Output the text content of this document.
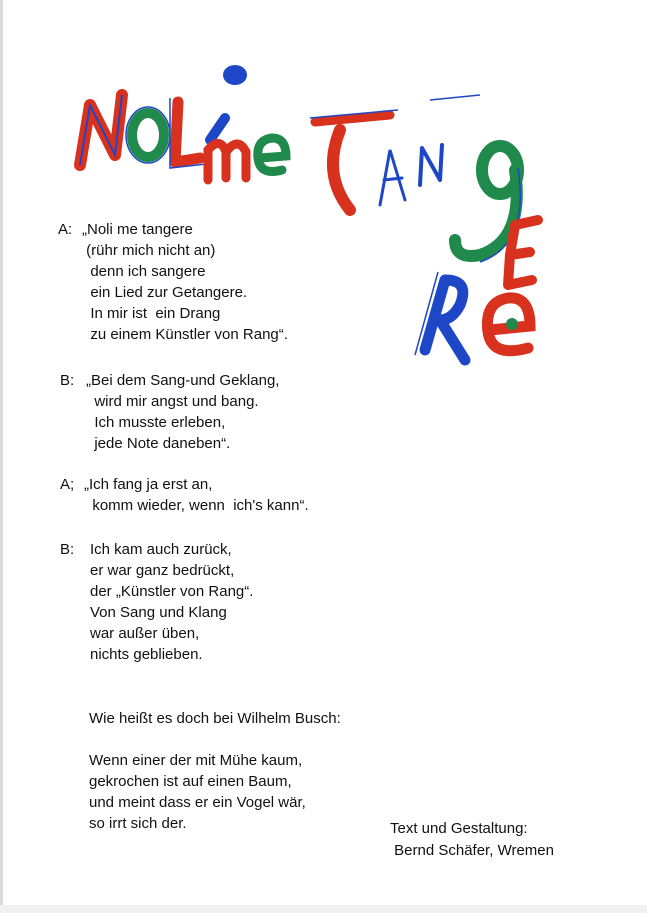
A: „Noli me tangere
(rühr mich nicht an)
denn ich sangere
ein Lied zur Getangere.
In mir ist  ein Drang
zu einem Künstler von Rang“.
B: „Bei dem Sang-und Geklang,
wird mir angst und bang.
Ich musste erleben,
jede Note daneben“.
A; „Ich fang ja erst an,
komm wieder, wenn  ich's kann“.
B: Ich kam auch zurück,
er war ganz bedrückt,
der „Künstler von Rang“.
Von Sang und Klang
war außer üben,
nichts geblieben.
Wie heißt es doch bei Wilhelm Busch:
Wenn einer der mit Mühe kaum,
gekrochen ist auf einen Baum,
und meint dass er ein Vogel wär,
so irrt sich der.	Text und Gestaltung:
Bernd Schäfer, Wremen
